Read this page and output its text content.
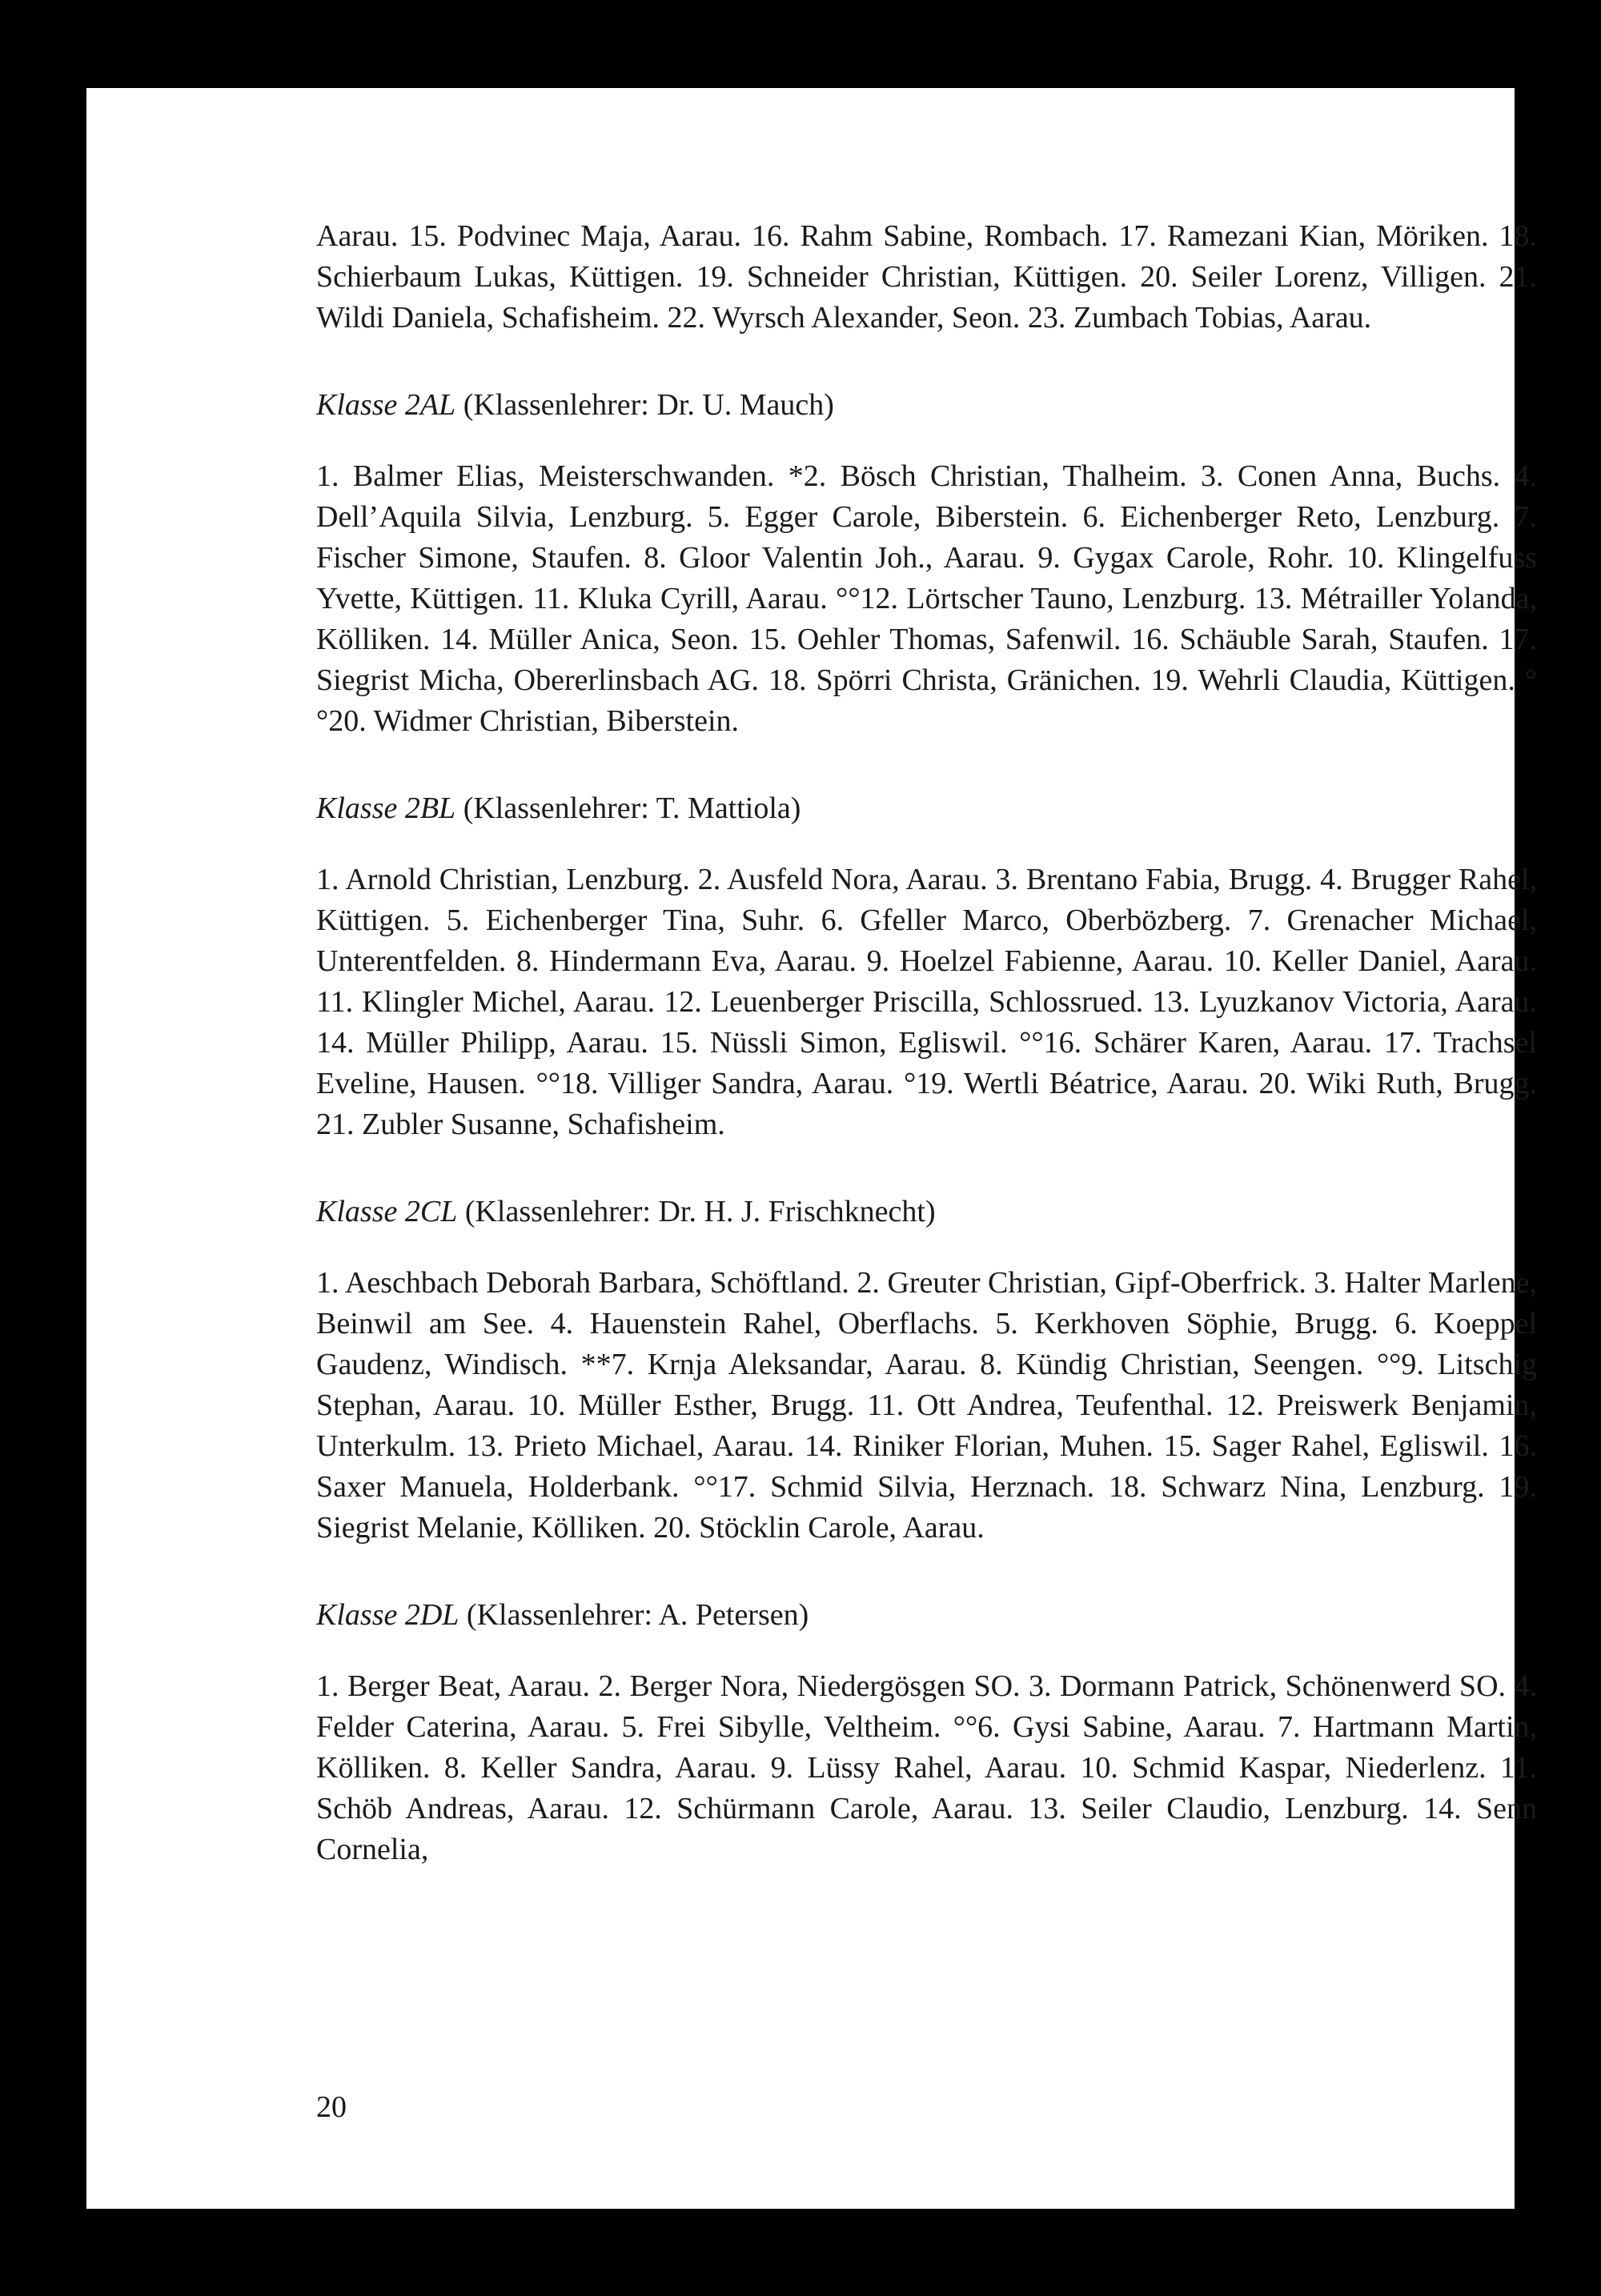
Aarau. 15. Podvinec Maja, Aarau. 16. Rahm Sabine, Rombach. 17. Ramezani Kian, Möriken. 18. Schierbaum Lukas, Küttigen. 19. Schneider Christian, Küttigen. 20. Seiler Lorenz, Villigen. 21. Wildi Daniela, Schafisheim. 22. Wyrsch Alexander, Seon. 23. Zumbach Tobias, Aarau.

Klasse 2AL (Klassenlehrer: Dr. U. Mauch)

1. Balmer Elias, Meisterschwanden. *2. Bösch Christian, Thalheim. 3. Conen Anna, Buchs. 4. Dell’Aquila Silvia, Lenzburg. 5. Egger Carole, Biberstein. 6. Eichenberger Reto, Lenzburg. 7. Fischer Simone, Staufen. 8. Gloor Valentin Joh., Aarau. 9. Gygax Carole, Rohr. 10. Klingelfuss Yvette, Küttigen. 11. Kluka Cyrill, Aarau. °°12. Lörtscher Tauno, Lenzburg. 13. Métrailler Yolanda, Kölliken. 14. Müller Anica, Seon. 15. Oehler Thomas, Safenwil. 16. Schäuble Sarah, Staufen. 17. Siegrist Micha, Obererlinsbach AG. 18. Spörri Christa, Gränichen. 19. Wehrli Claudia, Küttigen. °°20. Widmer Christian, Biberstein.

Klasse 2BL (Klassenlehrer: T. Mattiola)

1. Arnold Christian, Lenzburg. 2. Ausfeld Nora, Aarau. 3. Brentano Fabia, Brugg. 4. Brugger Rahel, Küttigen. 5. Eichenberger Tina, Suhr. 6. Gfeller Marco, Oberbözberg. 7. Grenacher Michael, Unterentfelden. 8. Hindermann Eva, Aarau. 9. Hoelzel Fabienne, Aarau. 10. Keller Daniel, Aarau. 11. Klingler Michel, Aarau. 12. Leuenberger Priscilla, Schlossrued. 13. Lyuzkanov Victoria, Aarau. 14. Müller Philipp, Aarau. 15. Nüssli Simon, Egliswil. °°16. Schärer Karen, Aarau. 17. Trachsel Eveline, Hausen. °°18. Villiger Sandra, Aarau. °19. Wertli Béatrice, Aarau. 20. Wiki Ruth, Brugg. 21. Zubler Susanne, Schafisheim.

Klasse 2CL (Klassenlehrer: Dr. H. J. Frischknecht)

1. Aeschbach Deborah Barbara, Schöftland. 2. Greuter Christian, Gipf-Oberfrick. 3. Halter Marlene, Beinwil am See. 4. Hauenstein Rahel, Oberflachs. 5. Kerkhoven Söphie, Brugg. 6. Koeppel Gaudenz, Windisch. **7. Krnja Aleksandar, Aarau. 8. Kündig Christian, Seengen. °°9. Litschig Stephan, Aarau. 10. Müller Esther, Brugg. 11. Ott Andrea, Teufenthal. 12. Preiswerk Benjamin, Unterkulm. 13. Prieto Michael, Aarau. 14. Riniker Florian, Muhen. 15. Sager Rahel, Egliswil. 16. Saxer Manuela, Holderbank. °°17. Schmid Silvia, Herznach. 18. Schwarz Nina, Lenzburg. 19. Siegrist Melanie, Kölliken. 20. Stöcklin Carole, Aarau.

Klasse 2DL (Klassenlehrer: A. Petersen)

1. Berger Beat, Aarau. 2. Berger Nora, Niedergösgen SO. 3. Dormann Patrick, Schönenwerd SO. 4. Felder Caterina, Aarau. 5. Frei Sibylle, Veltheim. °°6. Gysi Sabine, Aarau. 7. Hartmann Martin, Kölliken. 8. Keller Sandra, Aarau. 9. Lüssy Rahel, Aarau. 10. Schmid Kaspar, Niederlenz. 11. Schöb Andreas, Aarau. 12. Schürmann Carole, Aarau. 13. Seiler Claudio, Lenzburg. 14. Senn Cornelia,

20
